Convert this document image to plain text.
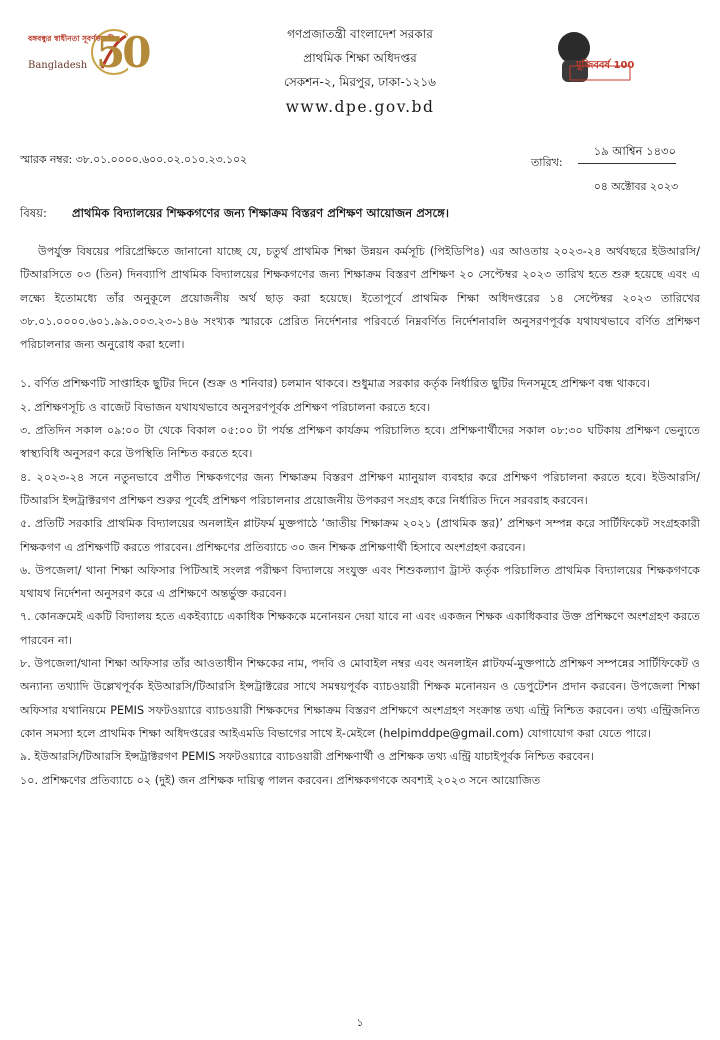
বঙ্গবন্ধুর স্বাধীনতা সূবর্ণজয়ন্তী
Bangladesh 50	গণপ্রজাতন্ত্রী বাংলাদেশ সরকার
প্রাথমিক শিক্ষা অধিদপ্তর
সেকশন-২, মিরপুর, ঢাকা-১২১৬
www.dpe.gov.bd
মুজিববর্ষ 100
স্মারক নম্বর: ৩৮.০১.০০০০.৬০০.০২.০১০.২৩.১০২	তারিখ:
১৯ আশ্বিন ১৪৩০
০৪ অক্টোবর ২০২৩
বিষয়: প্রাথমিক বিদ্যালয়ের শিক্ষকগণের জন্য শিক্ষাক্রম বিস্তরণ প্রশিক্ষণ আয়োজন প্রসঙ্গে।

উপর্যুক্ত বিষয়ের পরিপ্রেক্ষিতে জানানো যাচ্ছে যে, চতুর্থ প্রাথমিক শিক্ষা উন্নয়ন কর্মসূচি (পিইডিপি৪) এর আওতায় ২০২৩-২৪ অর্থবছরে ইউআরসি/টিআরসিতে ০৩ (তিন) দিনব্যাপি প্রাথমিক বিদ্যালয়ের শিক্ষকগণের জন্য শিক্ষাক্রম বিস্তরণ প্রশিক্ষণ ২০ সেপ্টেম্বর ২০২৩ তারিখ হতে শুরু হয়েছে এবং এ লক্ষ্যে ইতোমধ্যে তাঁর অনুকূলে প্রয়োজনীয় অর্থ ছাড় করা হয়েছে। ইতোপূর্বে প্রাথমিক শিক্ষা অধিদপ্তরের ১৪ সেপ্টেম্বর ২০২৩ তারিখের ৩৮.০১.০০০০.৬০১.৯৯.০০৩.২৩-১৪৬ সংখ্যক স্মারকে প্রেরিত নির্দেশনার পরিবর্তে নিম্নবর্ণিত নির্দেশনাবলি অনুসরণপূর্বক যথাযথভাবে বর্ণিত প্রশিক্ষণ পরিচালনার জন্য অনুরোধ করা হলো।

১. বর্ণিত প্রশিক্ষণটি সাপ্তাহিক ছুটির দিনে (শুক্র ও শনিবার) চলমান থাকবে। শুধুমাত্র সরকার কর্তৃক নির্ধারিত ছুটির দিনসমূহে প্রশিক্ষণ বন্ধ থাকবে।

২. প্রশিক্ষণসূচি ও বাজেট বিভাজন যথাযথভাবে অনুসরণপূর্বক প্রশিক্ষণ পরিচালনা করতে হবে।

৩. প্রতিদিন সকাল ০৯:০০ টা থেকে বিকাল ০৫:০০ টা পর্যন্ত প্রশিক্ষণ কার্যক্রম পরিচালিত হবে। প্রশিক্ষণার্থীদের সকাল ০৮:৩০ ঘটিকায় প্রশিক্ষণ ভেন্যুতে স্বাস্থ্যবিধি অনুসরণ করে উপস্থিতি নিশ্চিত করতে হবে।

৪. ২০২৩-২৪ সনে নতুনভাবে প্রণীত শিক্ষকগণের জন্য শিক্ষাক্রম বিস্তরণ প্রশিক্ষণ ম্যানুয়াল ব্যবহার করে প্রশিক্ষণ পরিচালনা করতে হবে। ইউআরসি/টিআরসি ইন্সট্রাক্টরগণ প্রশিক্ষণ শুরুর পূর্বেই প্রশিক্ষণ পরিচালনার প্রয়োজনীয় উপকরণ সংগ্রহ করে নির্ধারিত দিনে সরবরাহ করবেন।

৫. প্রতিটি সরকারি প্রাথমিক বিদ্যালয়ের অনলাইন প্লাটফর্ম মুক্তপাঠে ‘জাতীয় শিক্ষাক্রম ২০২১ (প্রাথমিক স্তর)’ প্রশিক্ষণ সম্পন্ন করে সার্টিফিকেট সংগ্রহকারী শিক্ষকগণ এ প্রশিক্ষণটি করতে পারবেন। প্রশিক্ষণের প্রতিব্যাচে ৩০ জন শিক্ষক প্রশিক্ষণার্থী হিসাবে অংশগ্রহণ করবেন।

৬. উপজেলা/ থানা শিক্ষা অফিসার পিটিআই সংলগ্ন পরীক্ষণ বিদ্যালয়ে সংযুক্ত এবং শিশুকল্যাণ ট্রাস্ট কর্তৃক পরিচালিত প্রাথমিক বিদ্যালয়ের শিক্ষকগণকে যথাযথ নির্দেশনা অনুসরণ করে এ প্রশিক্ষণে অন্তর্ভুক্ত করবেন।

৭. কোনক্রমেই একটি বিদ্যালয় হতে একইব্যাচে একাধিক শিক্ষককে মনোনয়ন দেয়া যাবে না এবং একজন শিক্ষক একাধিকবার উক্ত প্রশিক্ষণে অংশগ্রহণ করতে পারবেন না।

৮. উপজেলা/থানা শিক্ষা অফিসার তাঁর আওতাধীন শিক্ষকের নাম, পদবি ও মোবাইল নম্বর এবং অনলাইন প্লাটফর্ম-মুক্তপাঠে প্রশিক্ষণ সম্পন্নের সার্টিফিকেট ও অন্যান্য তথ্যাদি উল্লেখপূর্বক ইউআরসি/টিআরসি ইন্সট্রাক্টরের সাথে সমন্বয়পূর্বক ব্যাচওয়ারী শিক্ষক মনোনয়ন ও ডেপুটেশন প্রদান করবেন। উপজেলা শিক্ষা অফিসার যথানিয়মে PEMIS সফটওয়্যারে ব্যাচওয়ারী শিক্ষকদের শিক্ষাক্রম বিস্তরণ প্রশিক্ষণে অংশগ্রহণ সংক্রান্ত তথ্য এন্ট্রি নিশ্চিত করবেন। তথ্য এন্ট্রিজনিত কোন সমস্যা হলে প্রাথমিক শিক্ষা অধিদপ্তরের আইএমডি বিভাগের সাথে ই-মেইলে (helpimddpe@gmail.com) যোগাযোগ করা যেতে পারে।

৯. ইউআরসি/টিআরসি ইন্সট্রাক্টরগণ PEMIS সফটওয়্যারে ব্যাচওয়ারী প্রশিক্ষণার্থী ও প্রশিক্ষক তথ্য এন্ট্রি যাচাইপূর্বক নিশ্চিত করবেন।

১০. প্রশিক্ষণের প্রতিব্যাচে ০২ (দুই) জন প্রশিক্ষক দায়িত্ব পালন করবেন। প্রশিক্ষকগণকে অবশ্যই ২০২৩ সনে আয়োজিত

১
